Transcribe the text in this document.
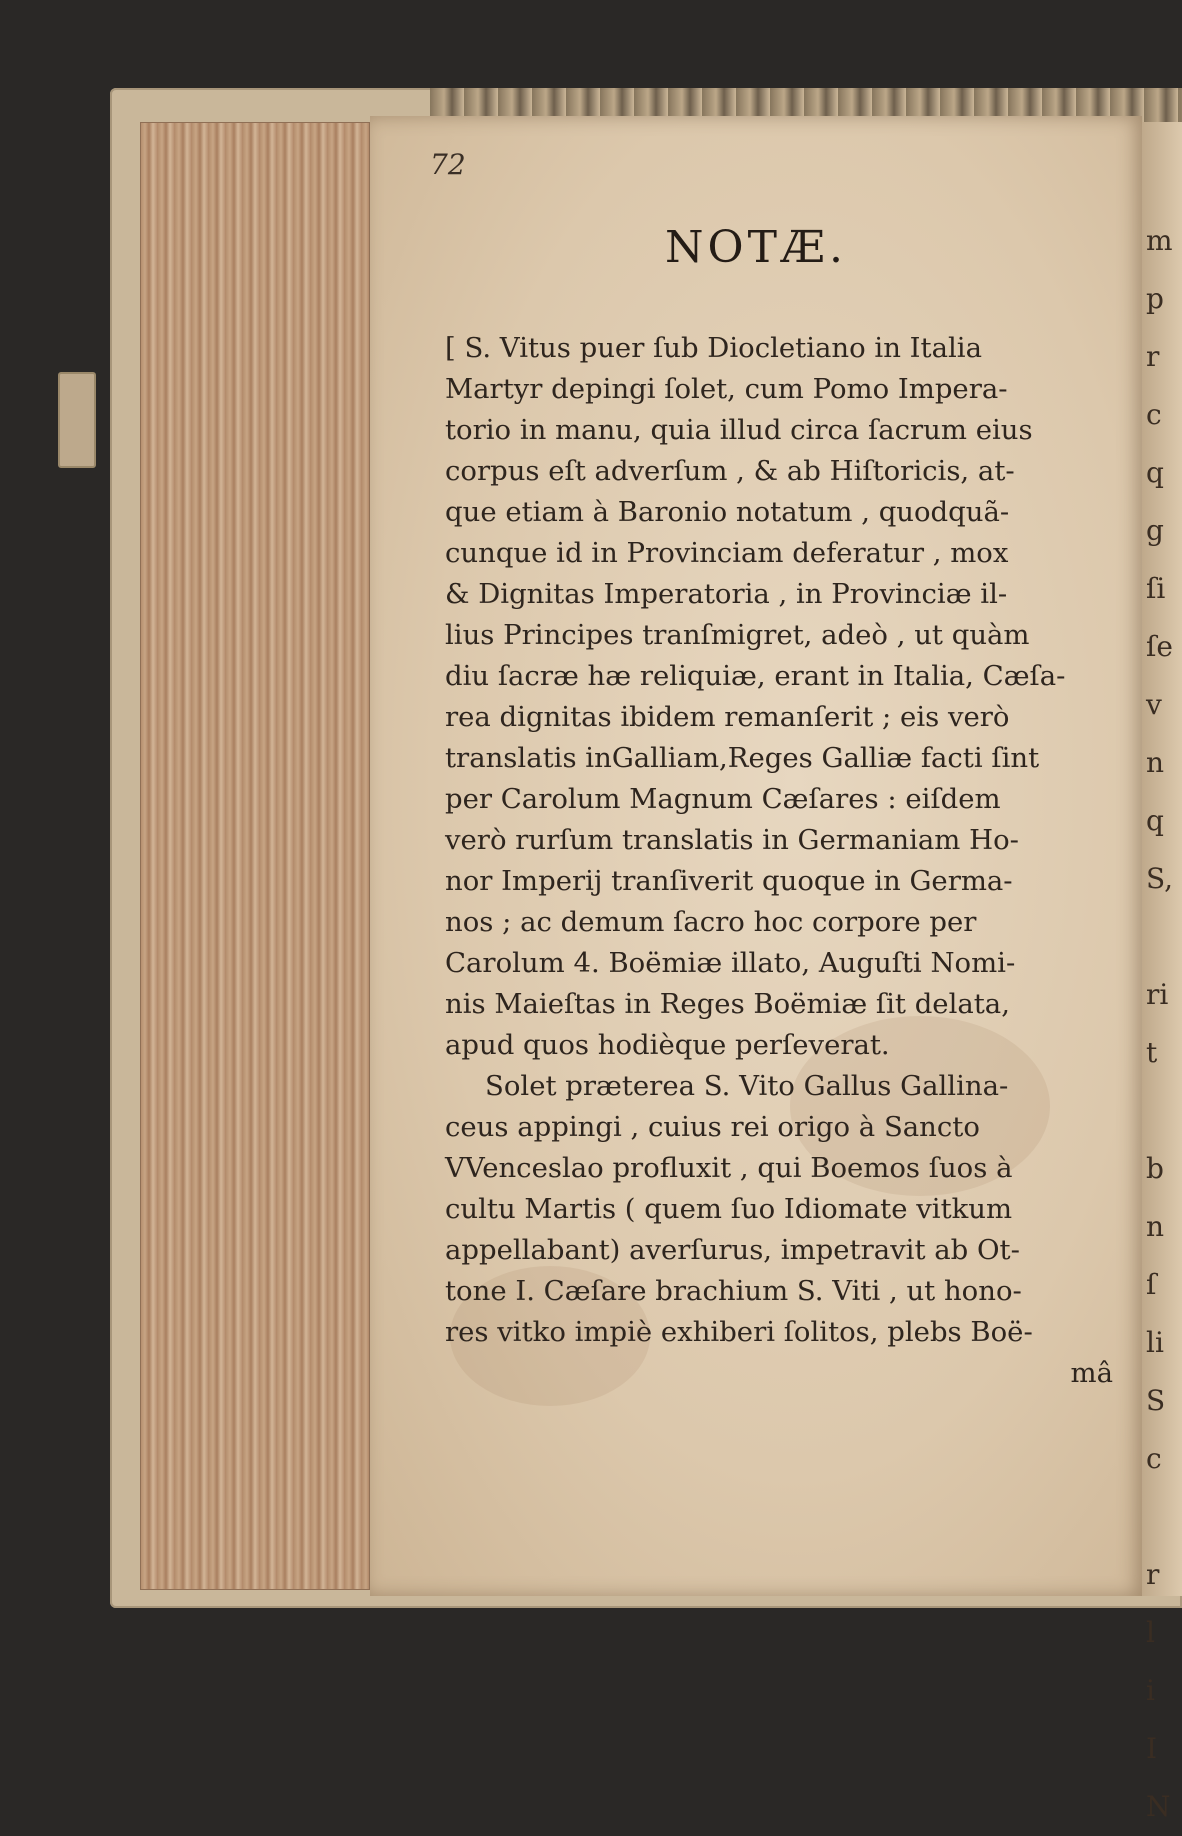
m
p
r
c
q
g
ſi
ſe
v
n
q
S,

ri
t

b
n
ſ
li
S
c

r
l
i
I
N
72
NOTÆ.
[ S. Vitus puer ſub Diocletiano in Italia
Martyr depingi ſolet, cum Pomo Impera-
torio in manu, quia illud circa ſacrum eius
corpus eſt adverſum , & ab Hiſtoricis, at-
que etiam à Baronio notatum , quodquã-
cunque id in Provinciam deferatur , mox
& Dignitas Imperatoria , in Provinciæ il-
lius Principes tranſmigret, adeò , ut quàm
diu ſacræ hæ reliquiæ, erant in Italia, Cæſa-
rea dignitas ibidem remanſerit ; eis verò
translatis inGalliam,Reges Galliæ facti ſint
per Carolum Magnum Cæſares : eiſdem
verò rurſum translatis in Germaniam Ho-
nor Imperij tranſiverit quoque in Germa-
nos ; ac demum ſacro hoc corpore per
Carolum 4. Boëmiæ illato, Auguſti Nomi-
nis Maieſtas in Reges Boëmiæ ſit delata,
apud quos hodièque perſeverat.
Solet præterea S. Vito Gallus Gallina-
ceus appingi , cuius rei origo à Sancto
VVenceslao profluxit , qui Boemos ſuos à
cultu Martis ( quem ſuo Idiomate vitkum
appellabant) averſurus, impetravit ab Ot-
tone I. Cæſare brachium S. Viti , ut hono-
res vitko impiè exhiberi ſolitos, plebs Boë-
mâ
